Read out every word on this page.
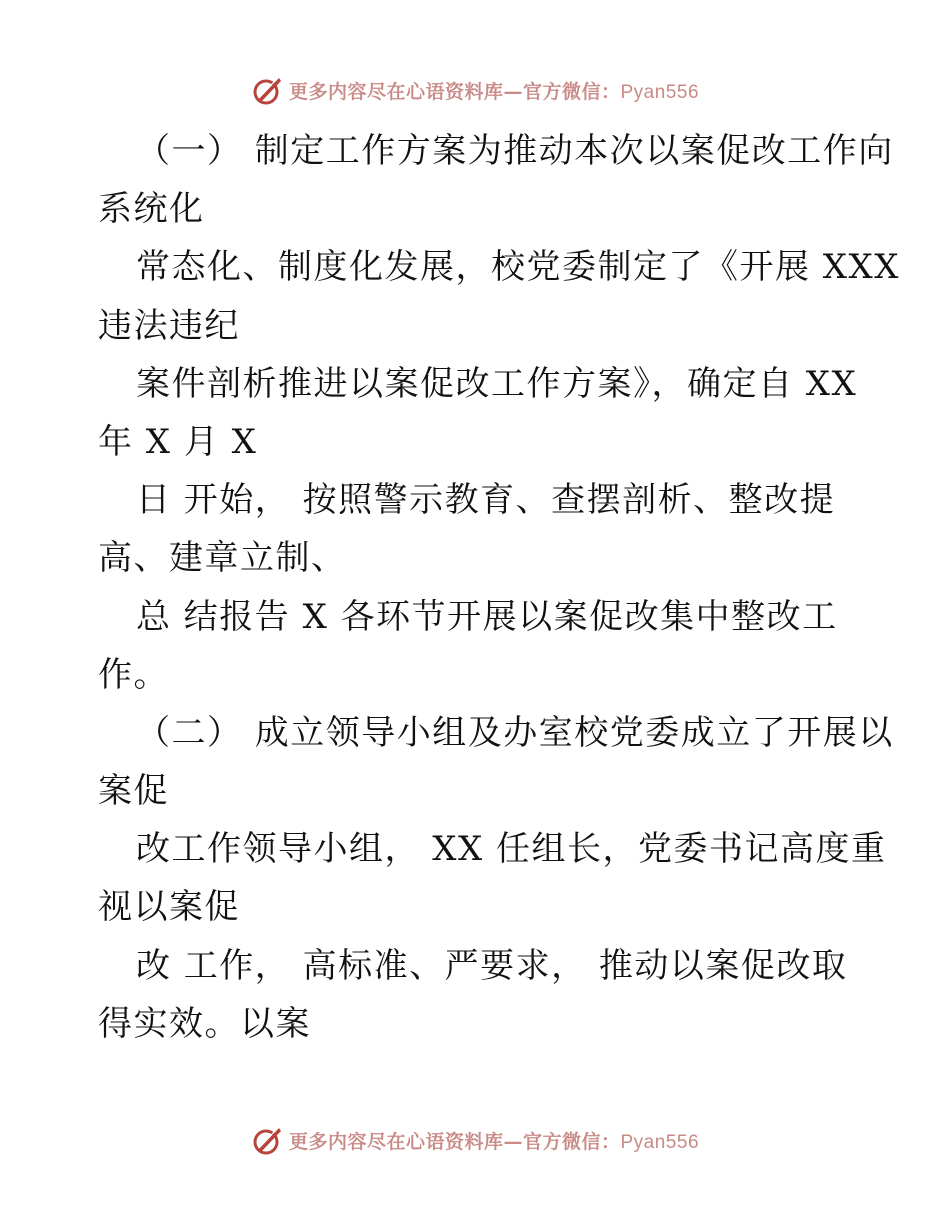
更多内容尽在心语资料库—官方微信：Pyan556
（一） 制定工作方案为推动本次以案促改工作向
系统化
常态化、制度化发展，校党委制定了《开展 XXX
违法违纪
案件剖析推进以案促改工作方案》，确定自 XX
年 X 月 X
日 开始， 按照警示教育、查摆剖析、整改提
高、建章立制、
总 结报告 X 各环节开展以案促改集中整改工
作。
（二） 成立领导小组及办室校党委成立了开展以
案促
改工作领导小组， XX 任组长，党委书记高度重
视以案促
改 工作， 高标准、严要求， 推动以案促改取
得实效。以案
更多内容尽在心语资料库—官方微信：Pyan556
